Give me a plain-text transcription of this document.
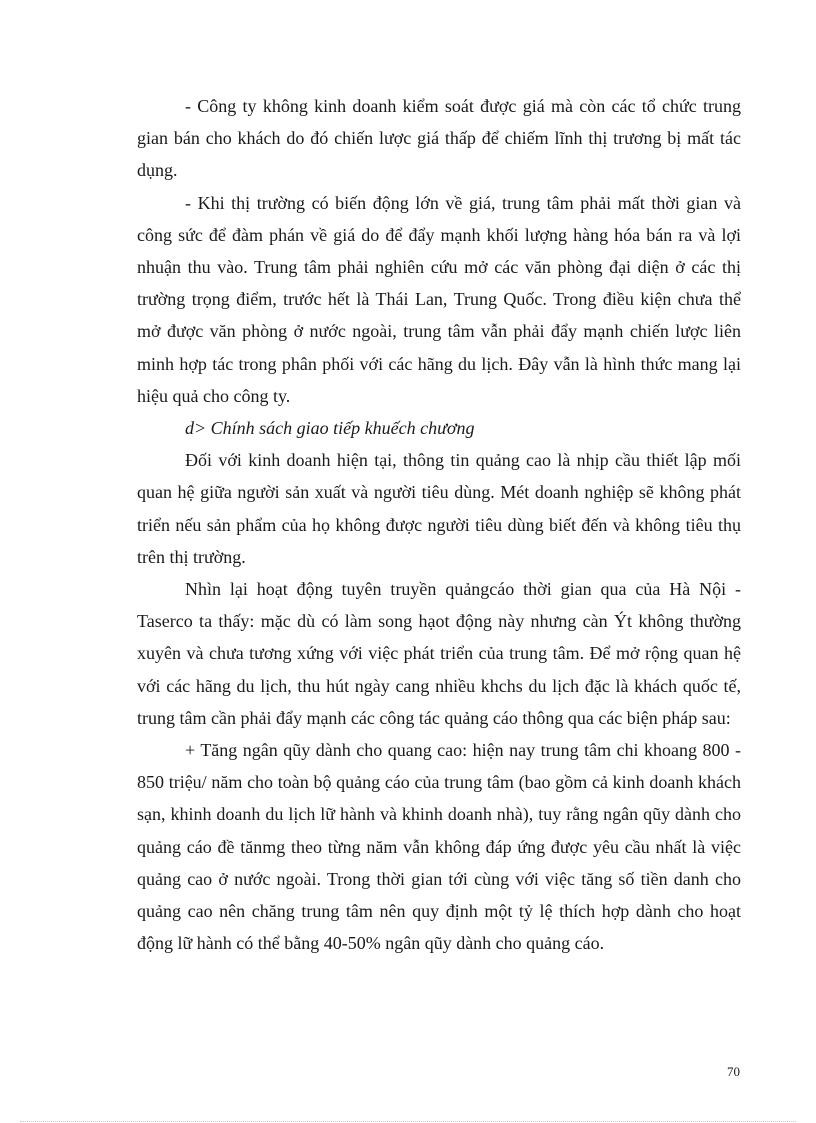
- Công ty không kinh doanh kiểm soát được giá mà còn các tổ chức trung gian bán cho khách do đó chiến lược giá thấp để chiếm lĩnh thị trương bị mất tác dụng.

- Khi thị trường có biến động lớn về giá, trung tâm phải mất thời gian và công sức để đàm phán về giá do để đẩy mạnh khối lượng hàng hóa bán ra và lợi nhuận thu vào. Trung tâm phải nghiên cứu mở các văn phòng đại diện ở các thị trường trọng điểm, trước hết là Thái Lan, Trung Quốc. Trong điều kiện chưa thể mở được văn phòng ở nước ngoài, trung tâm vẫn phải đẩy mạnh chiến lược liên minh hợp tác trong phân phối với các hãng du lịch. Đây vẫn là hình thức mang lại hiệu quả cho công ty.

d> Chính sách giao tiếp khuếch chương

Đối với kinh doanh hiện tại, thông tin quảng cao là nhịp cầu thiết lập mối quan hệ giữa người sản xuất và người tiêu dùng. Mét doanh nghiệp sẽ không phát triển nếu sản phẩm của họ không được người tiêu dùng biết đến và không tiêu thụ trên thị trường.

Nhìn lại hoạt động tuyên truyền quảngcáo thời gian qua của Hà Nội - Taserco ta thấy: mặc dù có làm song hạot động này nhưng càn Ýt không thường xuyên và chưa tương xứng với việc phát triển của trung tâm. Để mở rộng quan hệ với các hãng du lịch, thu hút ngày cang nhiều khchs du lịch đặc là khách quốc tế, trung tâm cần phải đẩy mạnh các công tác quảng cáo thông qua các biện pháp sau:

+ Tăng ngân qũy dành cho quang cao: hiện nay trung tâm chi khoang 800 - 850 triệu/ năm cho toàn bộ quảng cáo của trung tâm (bao gồm cả kinh doanh khách sạn, khinh doanh du lịch lữ hành và khinh doanh nhà), tuy rằng ngân qũy dành cho quảng cáo đề tănmg theo từng năm vẫn không đáp ứng được yêu cầu nhất là việc quảng cao ở nước ngoài. Trong thời gian tới cùng với việc tăng số tiền danh cho quảng cao nên chăng trung tâm nên quy định một tỷ lệ thích hợp dành cho hoạt động lữ hành có thể bằng 40-50% ngân qũy dành cho quảng cáo.

70
